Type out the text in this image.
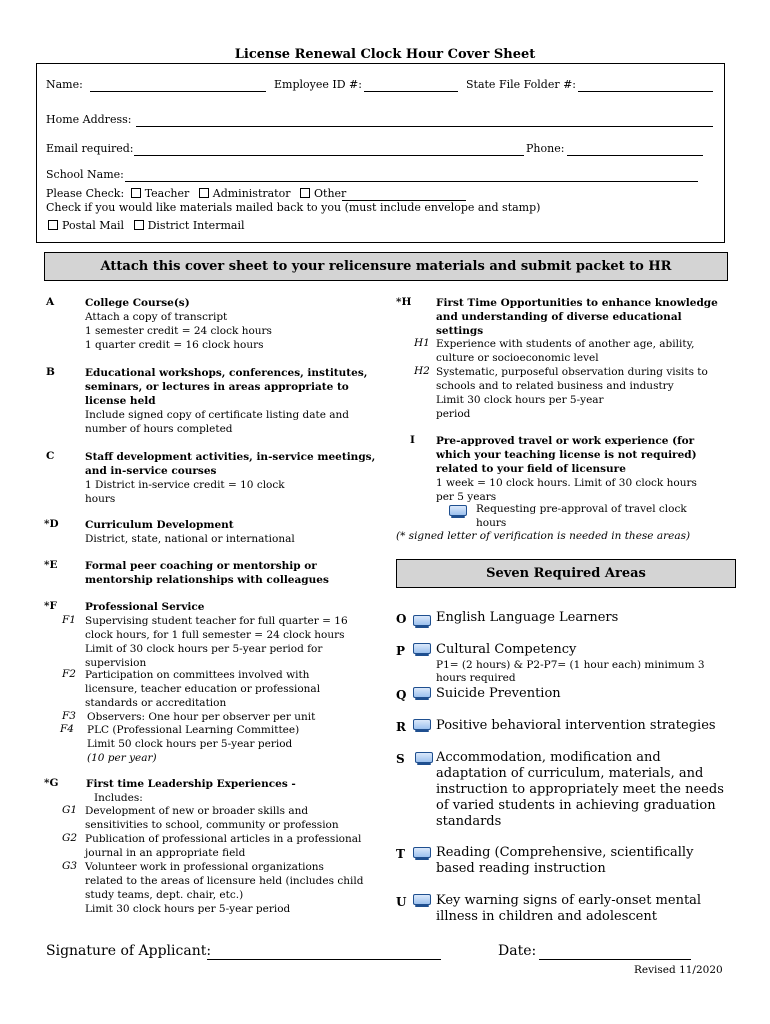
License Renewal Clock Hour Cover Sheet
Name:	Employee ID #:	State File Folder #:
Home Address:
Email required:	Phone:
School Name:
Please Check: Teacher Administrator Other
Check if you would like materials mailed back to you (must include envelope and stamp)
Postal Mail District Intermail
Attach this cover sheet to your relicensure materials and submit packet to HR
A	College Course(s)
Attach a copy of transcript
1 semester credit = 24 clock hours
1 quarter credit = 16 clock hours
B	Educational workshops, conferences, institutes,
seminars, or lectures in areas appropriate to
license held
Include signed copy of certificate listing date and
number of hours completed
C	Staff development activities, in-service meetings,
and in-service courses
1 District in-service credit = 10 clock
hours
*D	Curriculum Development
District, state, national or international
*E	Formal peer coaching or mentorship or
mentorship relationships with colleagues
*F	Professional Service
F1 Supervising student teacher for full quarter = 16
clock hours, for 1 full semester = 24 clock hours
Limit of 30 clock hours per 5-year period for
supervision
F2 Participation on committees involved with
licensure, teacher education or professional
standards or accreditation
F3 Observers: One hour per observer per unit
F4 PLC (Professional Learning Committee)
Limit 50 clock hours per 5-year period
(10 per year)
*G	First time Leadership Experiences -
Includes:
G1 Development of new or broader skills and
sensitivities to school, community or profession
G2 Publication of professional articles in a professional
journal in an appropriate field
G3 Volunteer work in professional organizations
related to the areas of licensure held (includes child
study teams, dept. chair, etc.)
Limit 30 clock hours per 5-year period
*H First Time Opportunities to enhance knowledge
and understanding of diverse educational
settings
H1 Experience with students of another age, ability,
culture or socioeconomic level
H2 Systematic, purposeful observation during visits to
schools and to related business and industry
Limit 30 clock hours per 5-year
period
I Pre-approved travel or work experience (for
which your teaching license is not required)
related to your field of licensure
1 week = 10 clock hours. Limit of 30 clock hours
per 5 years
Requesting pre-approval of travel clock
hours
(* signed letter of verification is needed in these areas)
Seven Required Areas
O English Language Learners
P Cultural Competency
P1= (2 hours) & P2-P7= (1 hour each) minimum 3
hours required
Q Suicide Prevention
R Positive behavioral intervention strategies
S Accommodation, modification and
adaptation of curriculum, materials, and
instruction to appropriately meet the needs
of varied students in achieving graduation
standards
T Reading (Comprehensive, scientifically
based reading instruction
U Key warning signs of early-onset mental
illness in children and adolescent
Signature of Applicant:	Date:
Revised 11/2020
